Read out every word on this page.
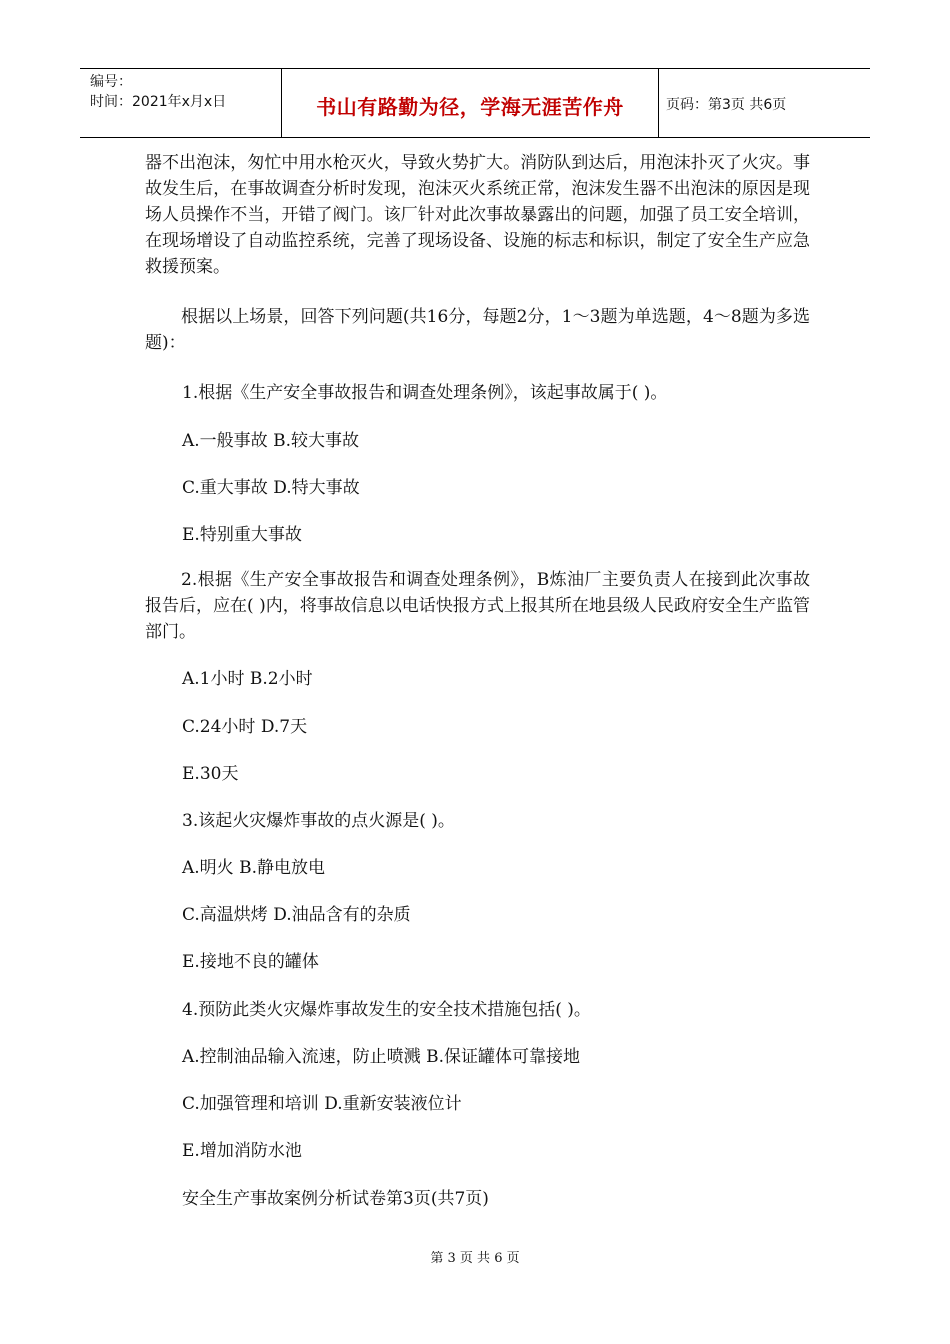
编号：
时间：2021年x月x日	书山有路勤为径，学海无涯苦作舟	页码：第3页 共6页
器不出泡沫，匆忙中用水枪灭火，导致火势扩大。消防队到达后，用泡沫扑灭了火灾。事故发生后，在事故调查分析时发现，泡沫灭火系统正常，泡沫发生器不出泡沫的原因是现场人员操作不当，开错了阀门。该厂针对此次事故暴露出的问题，加强了员工安全培训，在现场增设了自动监控系统，完善了现场设备、设施的标志和标识，制定了安全生产应急救援预案。
根据以上场景，回答下列问题(共16分，每题2分，1～3题为单选题，4～8题为多选题)：
1.根据《生产安全事故报告和调查处理条例》，该起事故属于( )。
A.一般事故 B.较大事故
C.重大事故 D.特大事故
E.特别重大事故
2.根据《生产安全事故报告和调查处理条例》，B炼油厂主要负责人在接到此次事故报告后，应在( )内，将事故信息以电话快报方式上报其所在地县级人民政府安全生产监管部门。
A.1小时 B.2小时
C.24小时 D.7天
E.30天
3.该起火灾爆炸事故的点火源是( )。
A.明火 B.静电放电
C.高温烘烤 D.油品含有的杂质
E.接地不良的罐体
4.预防此类火灾爆炸事故发生的安全技术措施包括( )。
A.控制油品输入流速，防止喷溅 B.保证罐体可靠接地
C.加强管理和培训 D.重新安装液位计
E.增加消防水池
安全生产事故案例分析试卷第3页(共7页)
第 3 页 共 6 页
